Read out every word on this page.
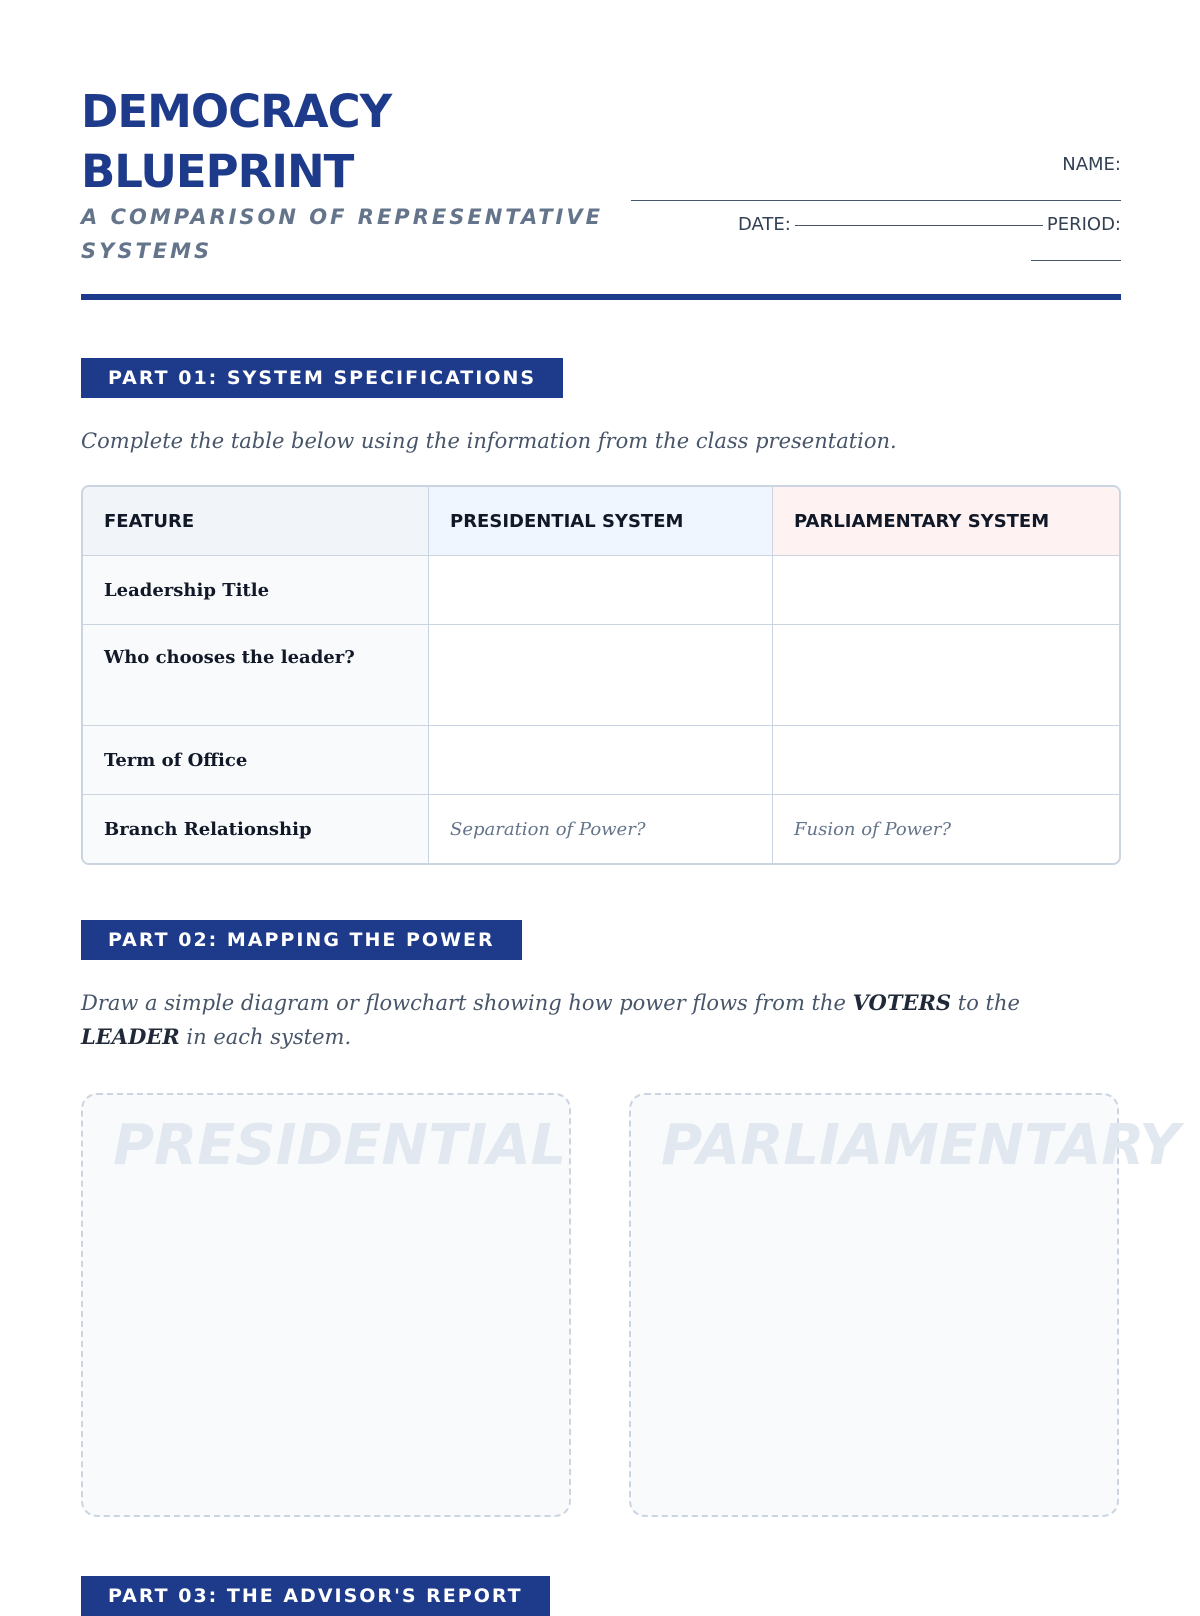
DEMOCRACY
BLUEPRINT

A COMPARISON OF REPRESENTATIVE SYSTEMS

NAME:
DATE:	PERIOD:
PART 01: SYSTEM SPECIFICATIONS

Complete the table below using the information from the class presentation.

FEATURE	PRESIDENTIAL SYSTEM	PARLIAMENTARY SYSTEM
Leadership Title
Who chooses the leader?
Term of Office
Branch Relationship	Separation of Power?	Fusion of Power?
PART 02: MAPPING THE POWER

Draw a simple diagram or flowchart showing how power flows from the VOTERS to the LEADER in each system.

PRESIDENTIAL PARLIAMENTARY
PART 03: THE ADVISOR'S REPORT
